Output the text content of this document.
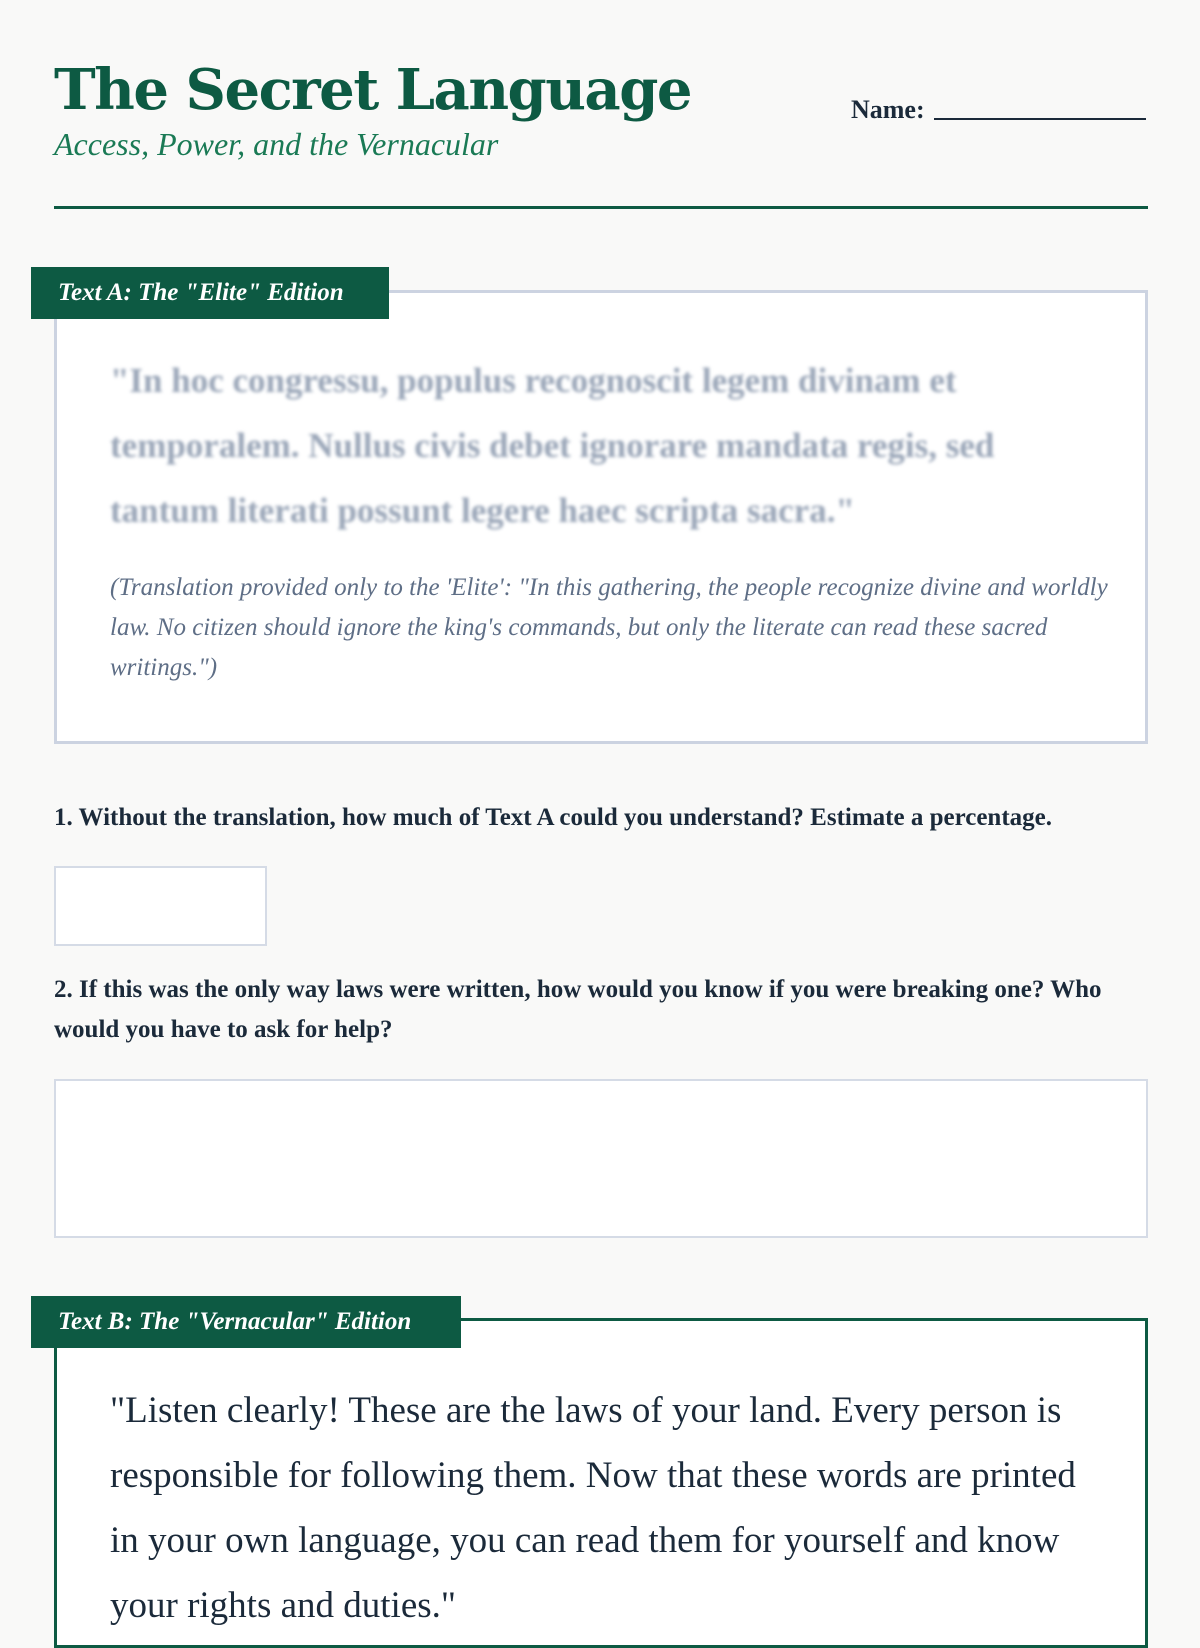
The Secret Language
Access, Power, and the Vernacular
Name:
Text A: The "Elite" Edition
"In hoc congressu, populus recognoscit legem divinam et temporalem. Nullus civis debet ignorare mandata regis, sed tantum literati possunt legere haec scripta sacra."
(Translation provided only to the 'Elite': "In this gathering, the people recognize divine and worldly law. No citizen should ignore the king's commands, but only the literate can read these sacred writings.")
1. Without the translation, how much of Text A could you understand? Estimate a percentage.
2. If this was the only way laws were written, how would you know if you were breaking one? Who would you have to ask for help?
Text B: The "Vernacular" Edition
"Listen clearly! These are the laws of your land. Every person is responsible for following them. Now that these words are printed in your own language, you can read them for yourself and know your rights and duties."
